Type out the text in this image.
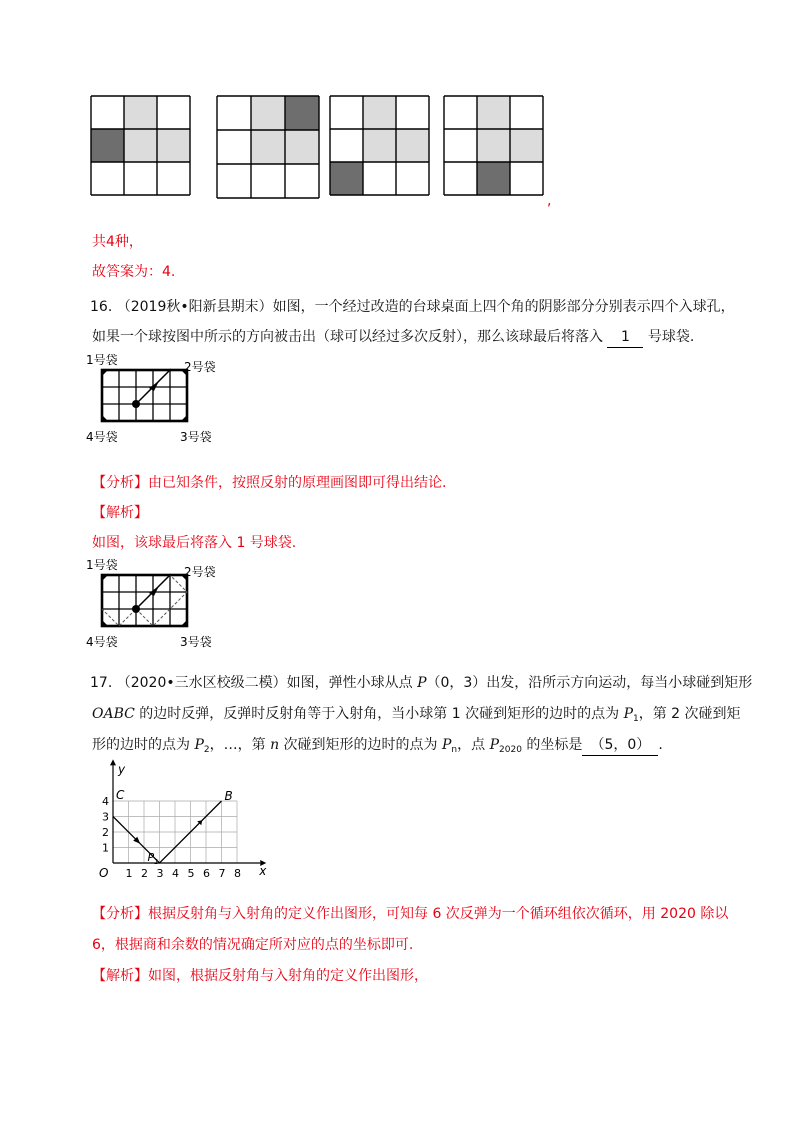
,
共4种，
故答案为：4.
16. （2019秋•阳新县期末）如图，一个经过改造的台球桌面上四个角的阴影部分分别表示四个入球孔，
如果一个球按图中所示的方向被击出（球可以经过多次反射），那么该球最后将落入 1 号球袋.
1号袋	2号袋
3号袋
4号袋
【分析】由已知条件，按照反射的原理画图即可得出结论.
【解析】
如图，该球最后将落入 1 号球袋.
1号袋	2号袋
3号袋
4号袋
17. （2020•三水区校级二模）如图，弹性小球从点 P（0，3）出发，沿所示方向运动，每当小球碰到矩形
OABC 的边时反弹，反弹时反射角等于入射角，当小球第 1 次碰到矩形的边时的点为 $P_1$，第 2 次碰到矩
形的边时的点为 $P_2$，…，第 n 次碰到矩形的边时的点为 $P_n$，点 $P_{2020}$ 的坐标是 （5，0） .
y
x
C	B
O
$P_1$
1
2
3
4
1 2 3 4 5 6 7 8
【分析】根据反射角与入射角的定义作出图形，可知每 6 次反弹为一个循环组依次循环，用 2020 除以
6，根据商和余数的情况确定所对应的点的坐标即可.
【解析】如图，根据反射角与入射角的定义作出图形，
